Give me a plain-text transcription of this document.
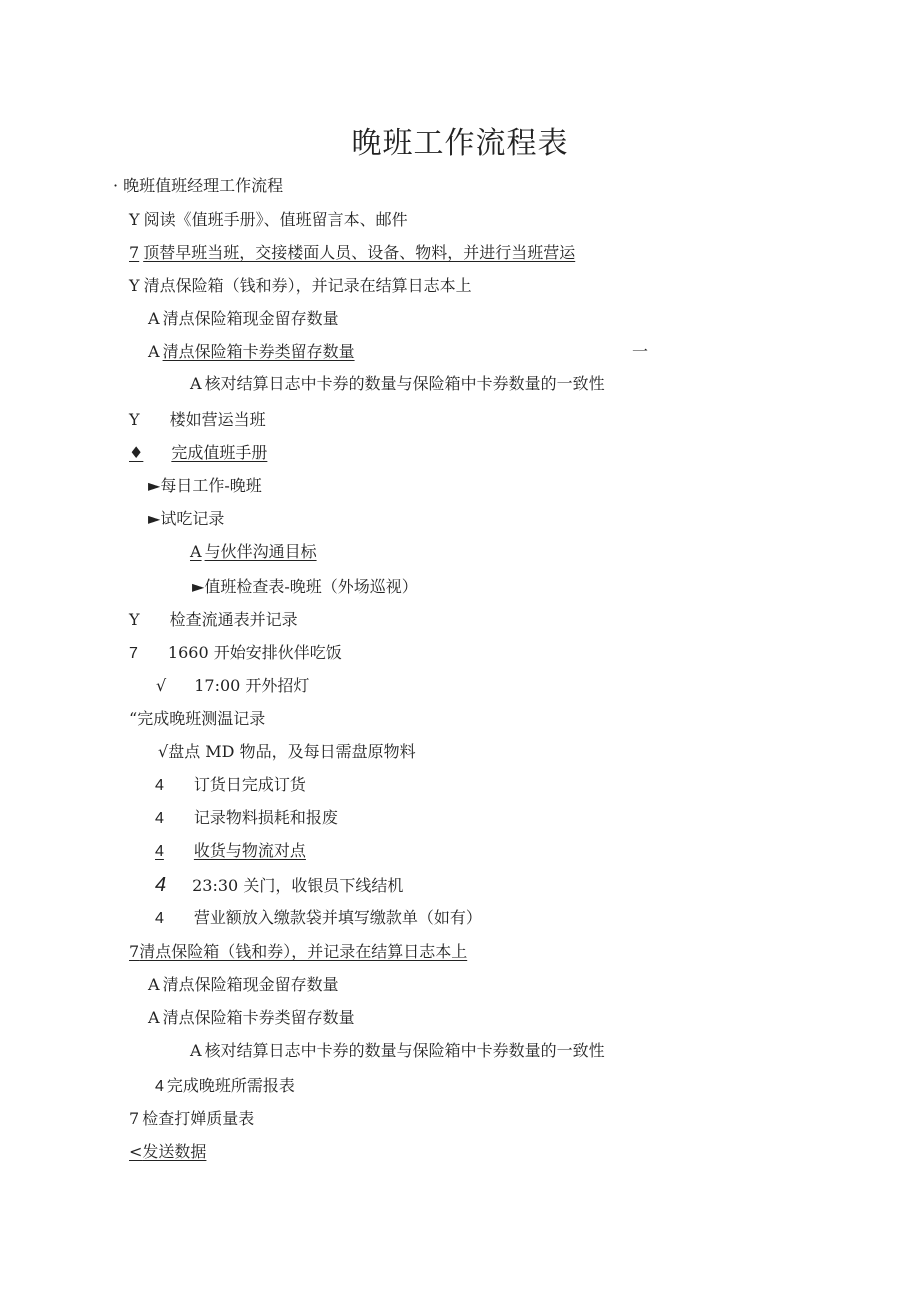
晚班工作流程表
· 晚班值班经理工作流程
Y 阅读《值班手册》、值班留言本、邮件
7 顶替早班当班，交接楼面人员、设备、物料，并进行当班营运
Y 清点保险箱（钱和券），并记录在结算日志本上
A 清点保险箱现金留存数量
A 清点保险箱卡券类留存数量	一
A 核对结算日志中卡券的数量与保险箱中卡券数量的一致性
Y 楼如营运当班
♦ 完成值班手册
►每日工作-晚班
►试吃记录
A 与伙伴沟通目标
►值班检查表-晚班（外场巡视）
Y 检查流通表并记录
7 1660 开始安排伙伴吃饭
√ 17:00 开外招灯
“完成晚班测温记录
√盘点 MD 物品，及每日需盘原物料
4 订货日完成订货
4 记录物料损耗和报废
4 收货与物流对点
4 23:30 关门，收银员下线结机
4 营业额放入缴款袋并填写缴款单（如有）
7清点保险箱（钱和券），并记录在结算日志本上
A 清点保险箱现金留存数量
A 清点保险箱卡券类留存数量
A 核对结算日志中卡券的数量与保险箱中卡券数量的一致性
4 完成晚班所需报表
7 检查打婵质量表
<发送数据
